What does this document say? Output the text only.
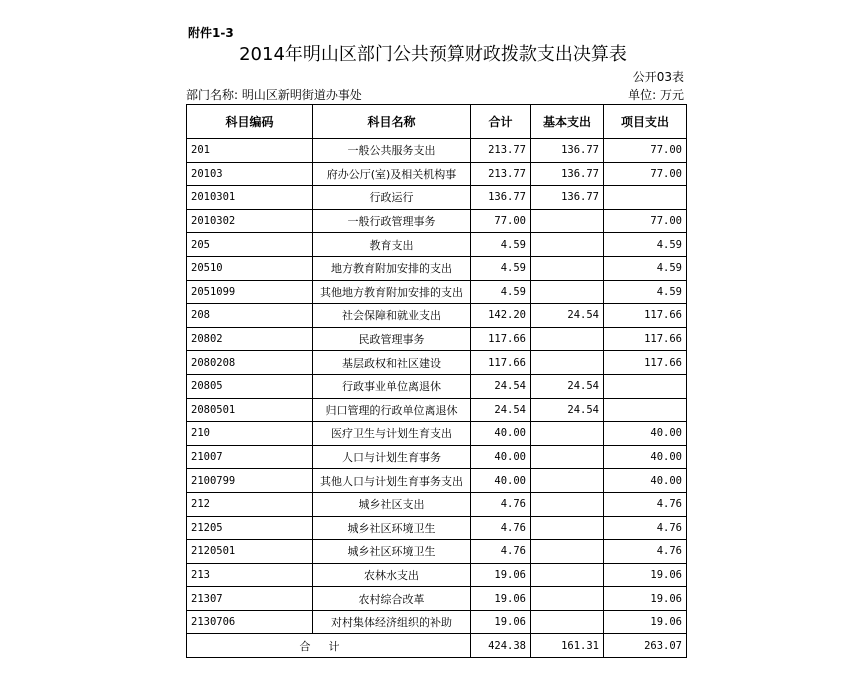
附件1-3
2014年明山区部门公共预算财政拨款支出决算表
公开03表
部门名称: 明山区新明街道办事处	单位: 万元
科目编码	科目名称	合计	基本支出	项目支出
201	一般公共服务支出	213.77	136.77	77.00
20103	府办公厅(室)及相关机构事	213.77	136.77	77.00
2010301	行政运行	136.77	136.77	
2010302	一般行政管理事务	77.00		77.00
205	教育支出	4.59		4.59
20510	地方教育附加安排的支出	4.59		4.59
2051099	其他地方教育附加安排的支出	4.59		4.59
208	社会保障和就业支出	142.20	24.54	117.66
20802	民政管理事务	117.66		117.66
2080208	基层政权和社区建设	117.66		117.66
20805	行政事业单位离退休	24.54	24.54	
2080501	归口管理的行政单位离退休	24.54	24.54	
210	医疗卫生与计划生育支出	40.00		40.00
21007	人口与计划生育事务	40.00		40.00
2100799	其他人口与计划生育事务支出	40.00		40.00
212	城乡社区支出	4.76		4.76
21205	城乡社区环境卫生	4.76		4.76
2120501	城乡社区环境卫生	4.76		4.76
213	农林水支出	19.06		19.06
21307	农村综合改革	19.06		19.06
2130706	对村集体经济组织的补助	19.06		19.06
合计		424.38	161.31	263.07
